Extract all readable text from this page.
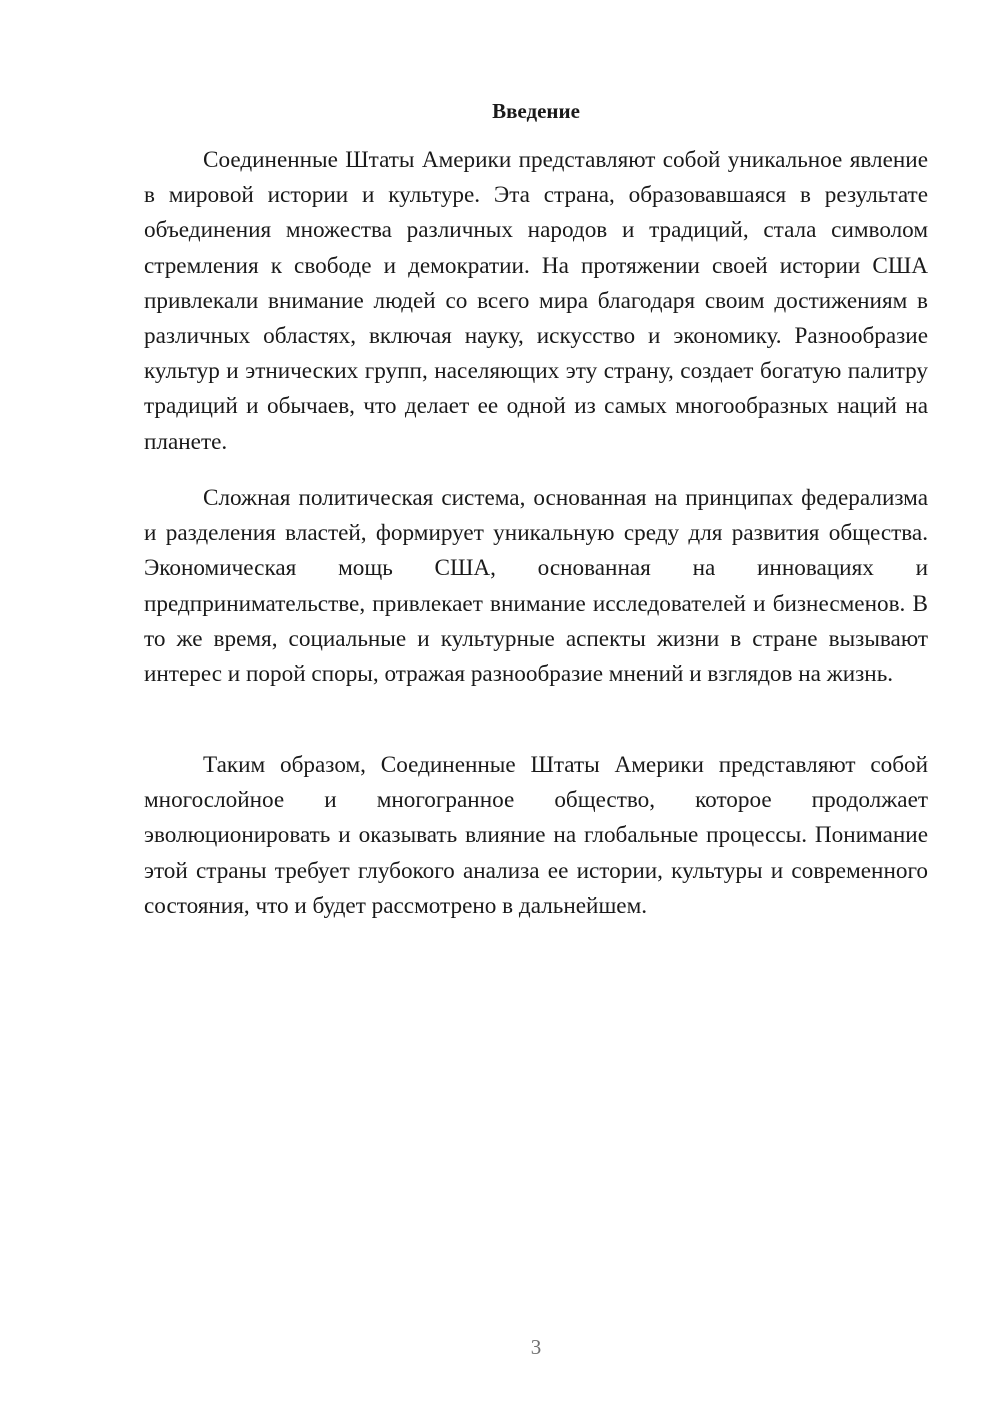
Введение

Соединенные Штаты Америки представляют собой уникальное явление в мировой истории и культуре. Эта страна, образовавшаяся в результате объединения множества различных народов и традиций, стала символом стремления к свободе и демократии. На протяжении своей истории США привлекали внимание людей со всего мира благодаря своим достижениям в различных областях, включая науку, искусство и экономику. Разнообразие культур и этнических групп, населяющих эту страну, создает богатую палитру традиций и обычаев, что делает ее одной из самых многообразных наций на планете.

Сложная политическая система, основанная на принципах федерализма и разделения властей, формирует уникальную среду для развития общества. Экономическая мощь США, основанная на инновациях и предпринимательстве, привлекает внимание исследователей и бизнесменов. В то же время, социальные и культурные аспекты жизни в стране вызывают интерес и порой споры, отражая разнообразие мнений и взглядов на жизнь.

Таким образом, Соединенные Штаты Америки представляют собой многослойное и многогранное общество, которое продолжает эволюционировать и оказывать влияние на глобальные процессы. Понимание этой страны требует глубокого анализа ее истории, культуры и современного состояния, что и будет рассмотрено в дальнейшем.

3
